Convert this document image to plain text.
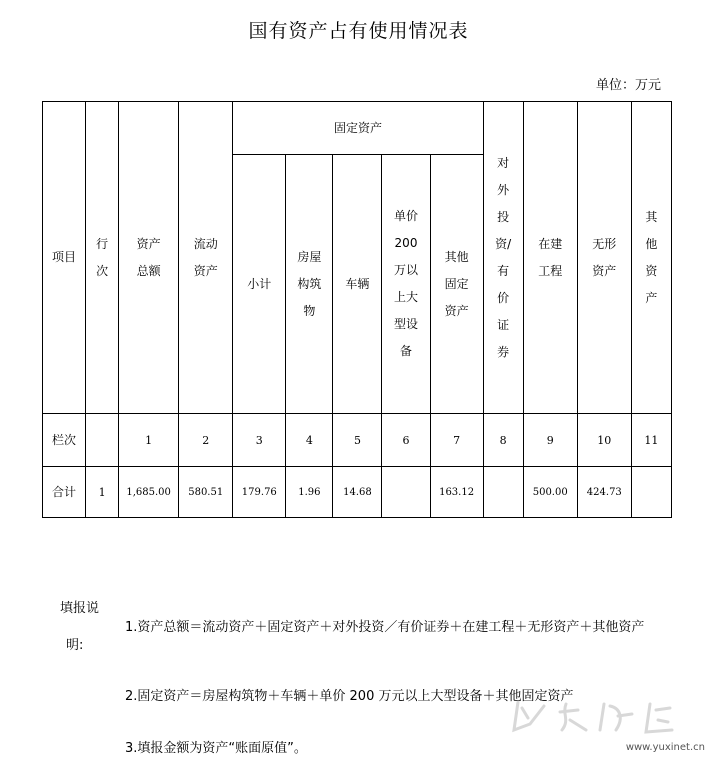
国有资产占有使用情况表
单位：万元
项目	行次	资产总额	流动资产	固定资产					对外投资/有价证券	在建工程	无形资产	其他资产
				小计	房屋构筑物	车辆	单价200万以上大型设备	其他固定资产				
栏次		1	2	3	4	5	6	7	8	9	10	11
合计	1	1,685.00	580.51	179.76	1.96	14.68		163.12		500.00	424.73	
填报说
明:
1.资产总额＝流动资产＋固定资产＋对外投资／有价证券＋在建工程＋无形资产＋其他资产
2.固定资产＝房屋构筑物＋车辆＋单价 200 万元以上大型设备＋其他固定资产
3.填报金额为资产“账面原值”。	www.yuxinet.cn
